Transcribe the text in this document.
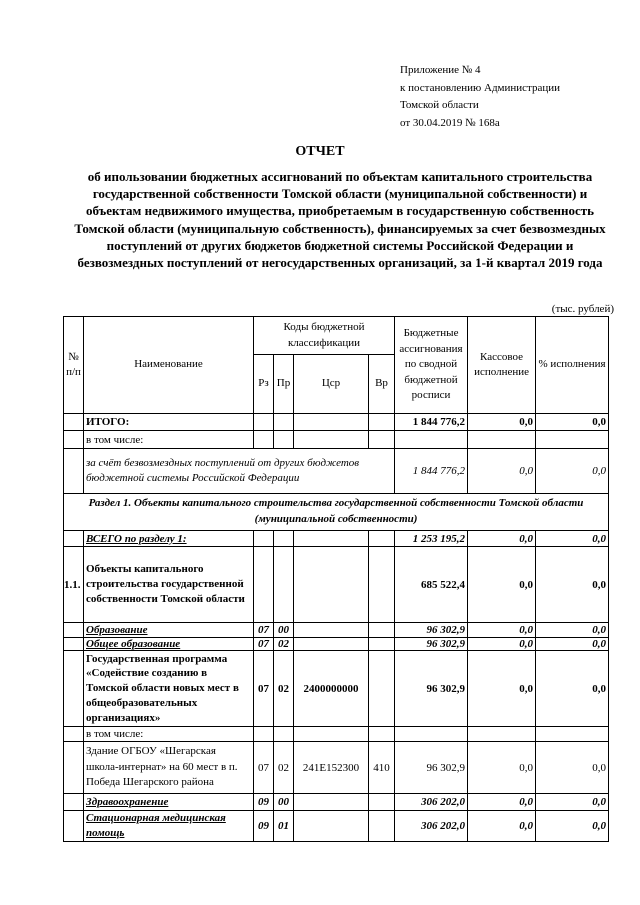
Приложение № 4
к постановлению Администрации
Томской области
от 30.04.2019 № 168а
ОТЧЕТ
об ипользовании бюджетных ассигнований по объектам капитального строительства государственной собственности Томской области (муниципальной собственности) и объектам недвижимого имущества, приобретаемым в государственную собственность Томской области (муниципальную собственность), финансируемых за счет безвозмездных поступлений от других бюджетов бюджетной системы Российской Федерации и безвозмездных поступлений от негосударственных организаций, за 1-й квартал 2019 года
(тыс. рублей)
№ п/п	Наименование	Коды бюджетной классификации				Бюджетные ассигнования по сводной бюджетной росписи	Кассовое исполнение	% исполнения
		Рз	Пр	Цср	Вр			
	ИТОГО:					1 844 776,2	0,0	0,0
	в том числе:							
	за счёт безвозмездных поступлений от других бюджетов бюджетной системы Российской Федерации					1 844 776,2	0,0	0,0
Раздел 1. Объекты капитального строительства государственной собственности Томской области (муниципальной собственности)								
	ВСЕГО по разделу 1:					1 253 195,2	0,0	0,0
1.1.	Объекты капитального строительства государственной собственности Томской области					685 522,4	0,0	0,0
	Образование	07	00			96 302,9	0,0	0,0
	Общее образование	07	02			96 302,9	0,0	0,0
	Государственная программа «Содействие созданию в Томской области новых мест в общеобразовательных организациях»	07	02	2400000000		96 302,9	0,0	0,0
	в том числе:							
	Здание ОГБОУ «Шегарская школа-интернат» на 60 мест в п. Победа Шегарского района	07	02	241E152300	410	96 302,9	0,0	0,0
	Здравоохранение	09	00			306 202,0	0,0	0,0
	Стационарная медицинская помощь	09	01			306 202,0	0,0	0,0
